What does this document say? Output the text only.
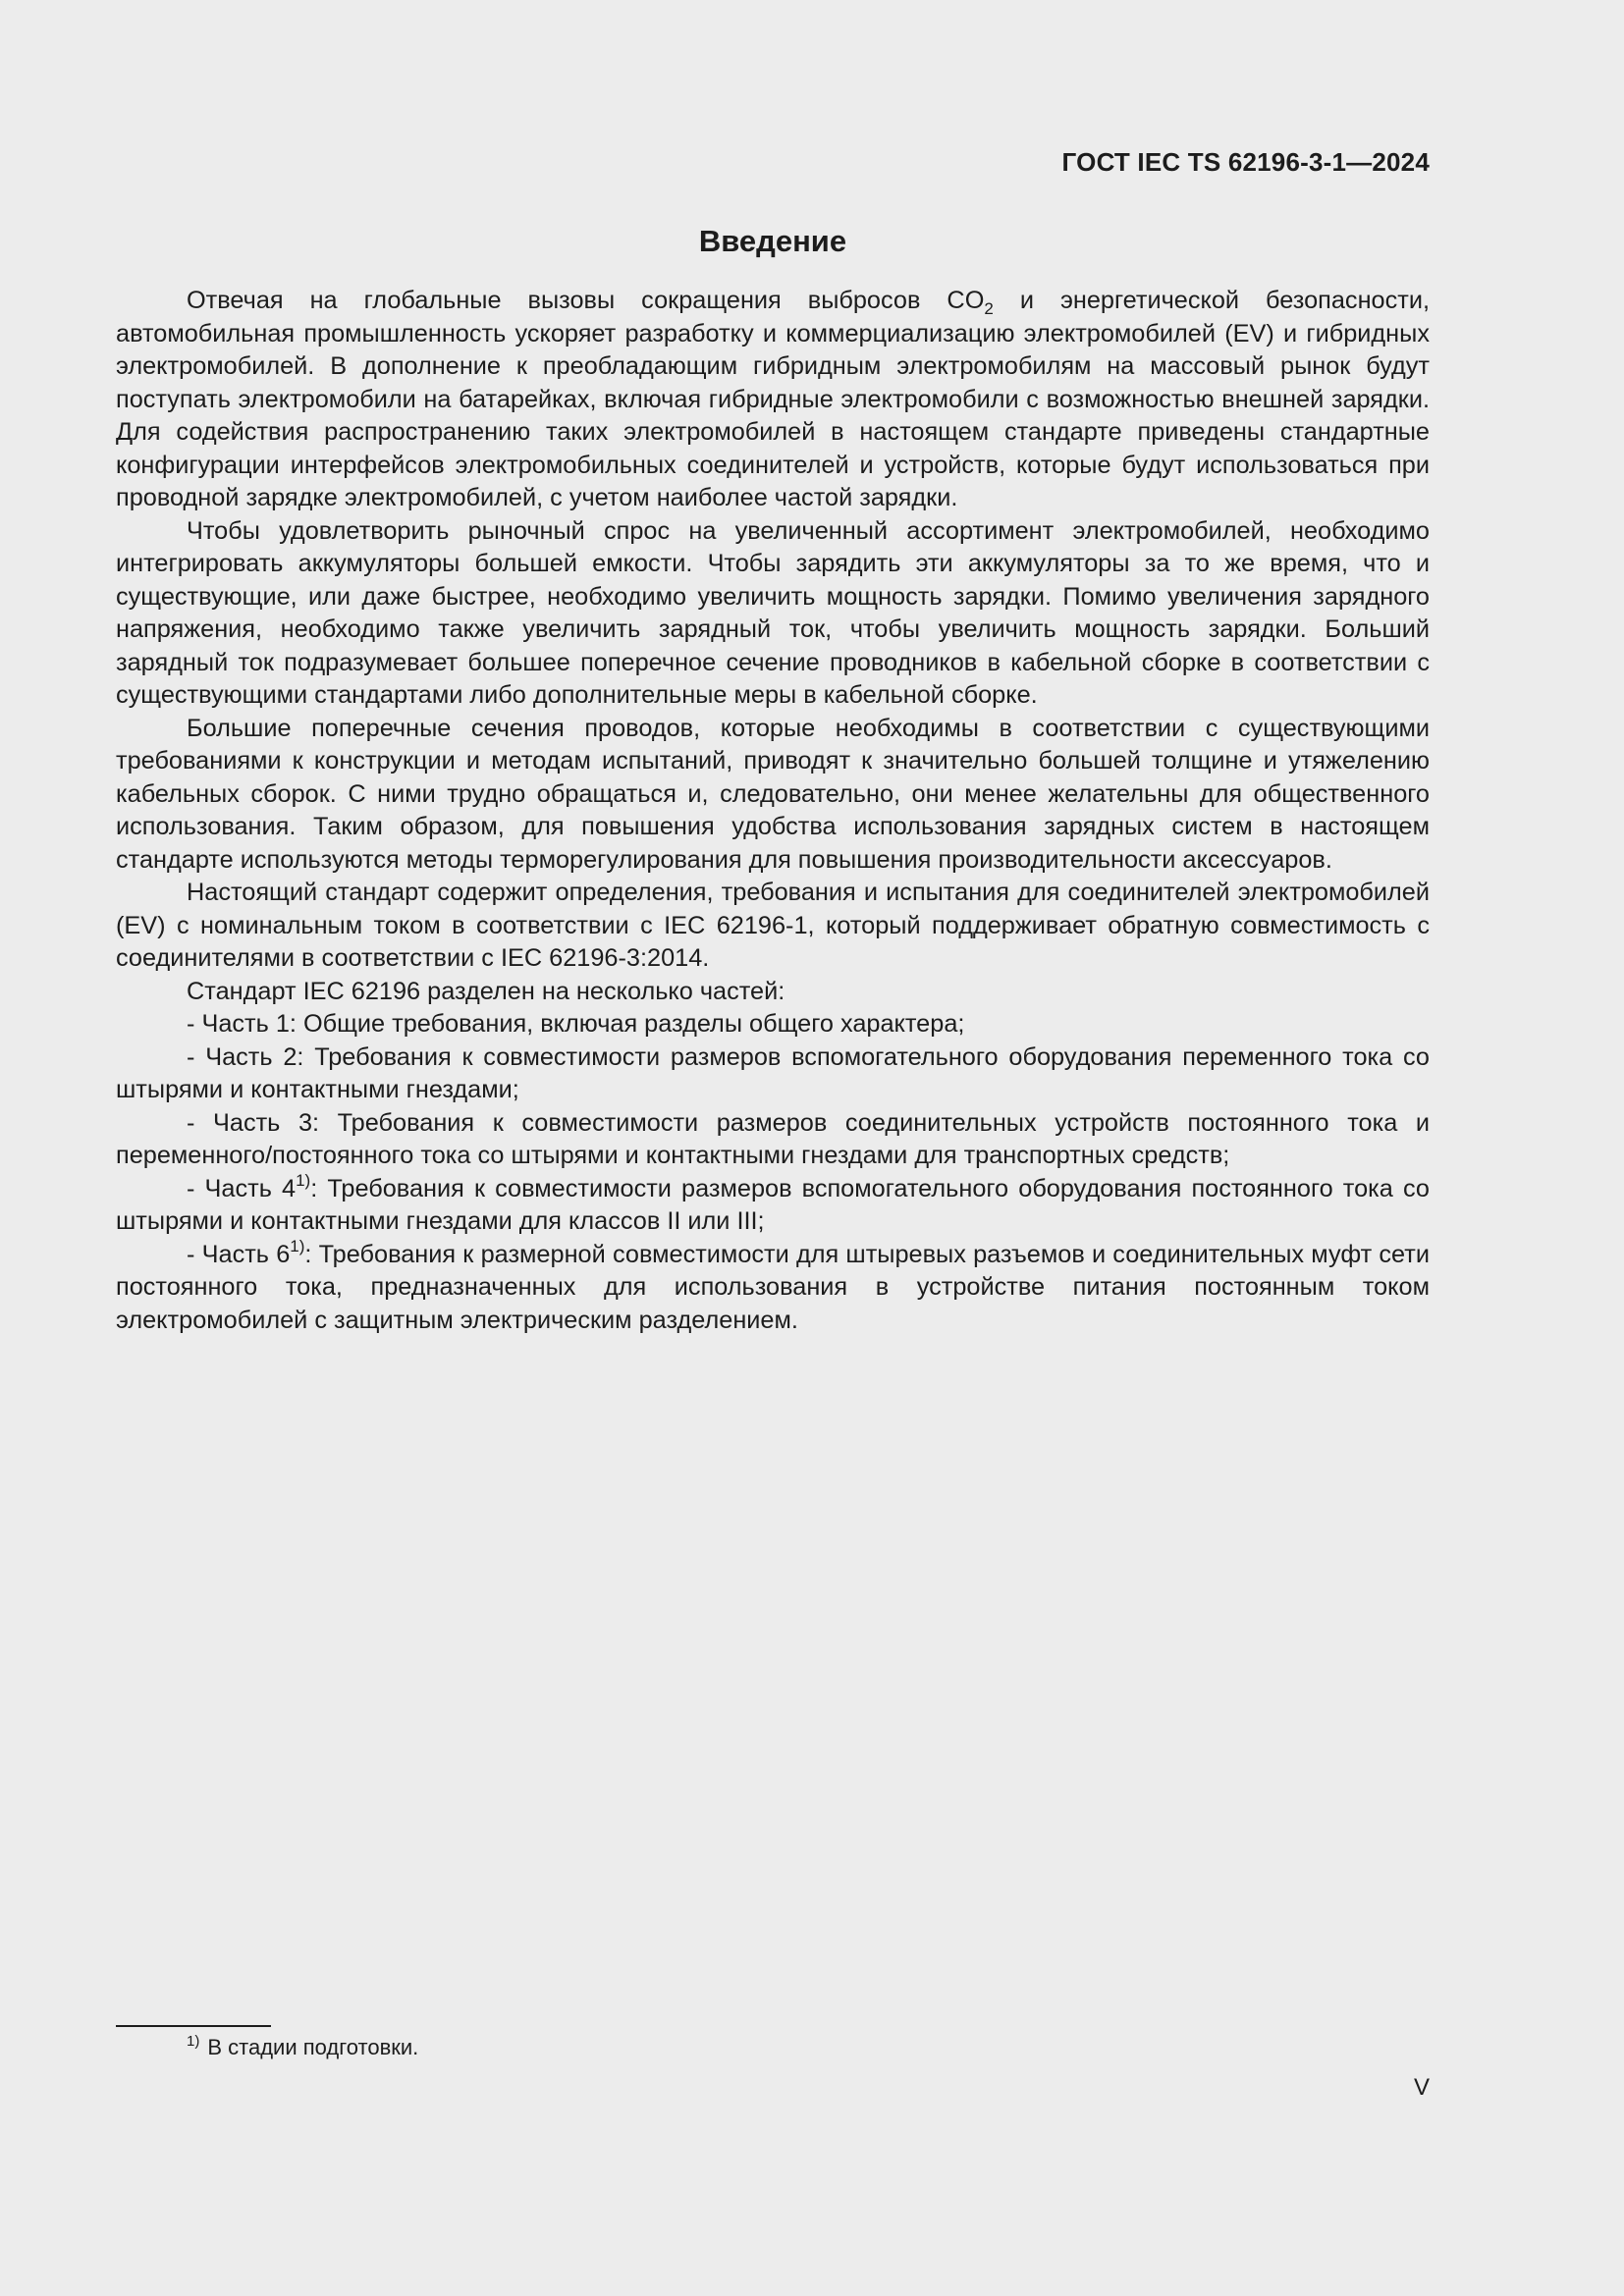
ГОСТ IEC TS 62196-3-1—2024
Введение

Отвечая на глобальные вызовы сокращения выбросов $CO_2$ и энергетической безопасности, автомобильная промышленность ускоряет разработку и коммерциализацию электромобилей (EV) и гибридных электромобилей. В дополнение к преобладающим гибридным электромобилям на массовый рынок будут поступать электромобили на батарейках, включая гибридные электромобили с возможностью внешней зарядки. Для содействия распространению таких электромобилей в настоящем стандарте приведены стандартные конфигурации интерфейсов электромобильных соединителей и устройств, которые будут использоваться при проводной зарядке электромобилей, с учетом наиболее частой зарядки.

Чтобы удовлетворить рыночный спрос на увеличенный ассортимент электромобилей, необходимо интегрировать аккумуляторы большей емкости. Чтобы зарядить эти аккумуляторы за то же время, что и существующие, или даже быстрее, необходимо увеличить мощность зарядки. Помимо увеличения зарядного напряжения, необходимо также увеличить зарядный ток, чтобы увеличить мощность зарядки. Больший зарядный ток подразумевает большее поперечное сечение проводников в кабельной сборке в соответствии с существующими стандартами либо дополнительные меры в кабельной сборке.

Большие поперечные сечения проводов, которые необходимы в соответствии с существующими требованиями к конструкции и методам испытаний, приводят к значительно большей толщине и утяжелению кабельных сборок. С ними трудно обращаться и, следовательно, они менее желательны для общественного использования. Таким образом, для повышения удобства использования зарядных систем в настоящем стандарте используются методы терморегулирования для повышения производительности аксессуаров.

Настоящий стандарт содержит определения, требования и испытания для соединителей электромобилей (EV) с номинальным током в соответствии с IEC 62196-1, который поддерживает обратную совместимость с соединителями в соответствии с IEC 62196-3:2014.

Стандарт IEC 62196 разделен на несколько частей:

- Часть 1: Общие требования, включая разделы общего характера;

- Часть 2: Требования к совместимости размеров вспомогательного оборудования переменного тока со штырями и контактными гнездами;

- Часть 3: Требования к совместимости размеров соединительных устройств постоянного тока и переменного/постоянного тока со штырями и контактными гнездами для транспортных средств;

- Часть 4$^{1)}$: Требования к совместимости размеров вспомогательного оборудования постоянного тока со штырями и контактными гнездами для классов II или III;

- Часть 6$^{1)}$: Требования к размерной совместимости для штыревых разъемов и соединительных муфт сети постоянного тока, предназначенных для использования в устройстве питания постоянным током электромобилей с защитным электрическим разделением.

$^{1)}$ В стадии подготовки.
V
